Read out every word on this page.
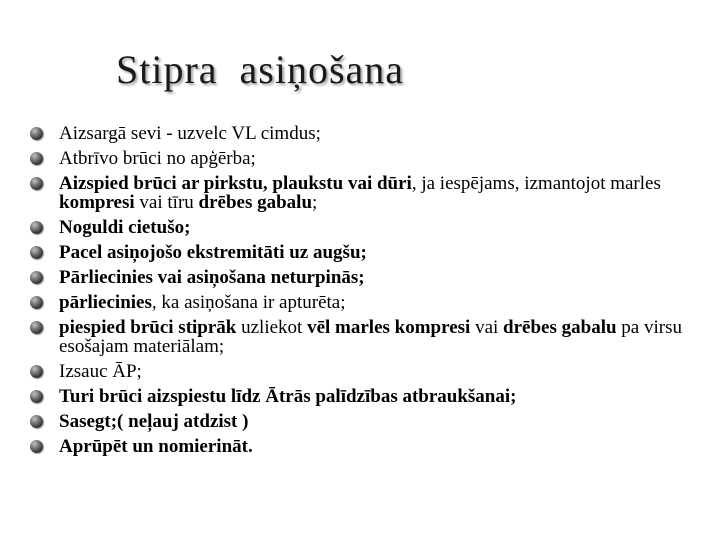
Stipra  asiņošana
Aizsargā sevi - uzvelc VL cimdus;
Atbrīvo brūci no apģērba;
Aizspied brūci ar pirkstu, plaukstu vai dūri, ja iespējams, izmantojot marles kompresi vai tīru drēbes gabalu;
Noguldi cietušo;
Pacel asiņojošo ekstremitāti uz augšu;
Pārliecinies vai asiņošana neturpinās;
pārliecinies, ka asiņošana ir apturēta;
piespied brūci stiprāk uzliekot vēl marles kompresi vai drēbes gabalu pa virsu esošajam materiālam;
Izsauc ĀP;
Turi brūci aizspiestu līdz Ātrās palīdzības atbraukšanai;
Sasegt;( neļauj atdzist )
Aprūpēt un nomierināt.
